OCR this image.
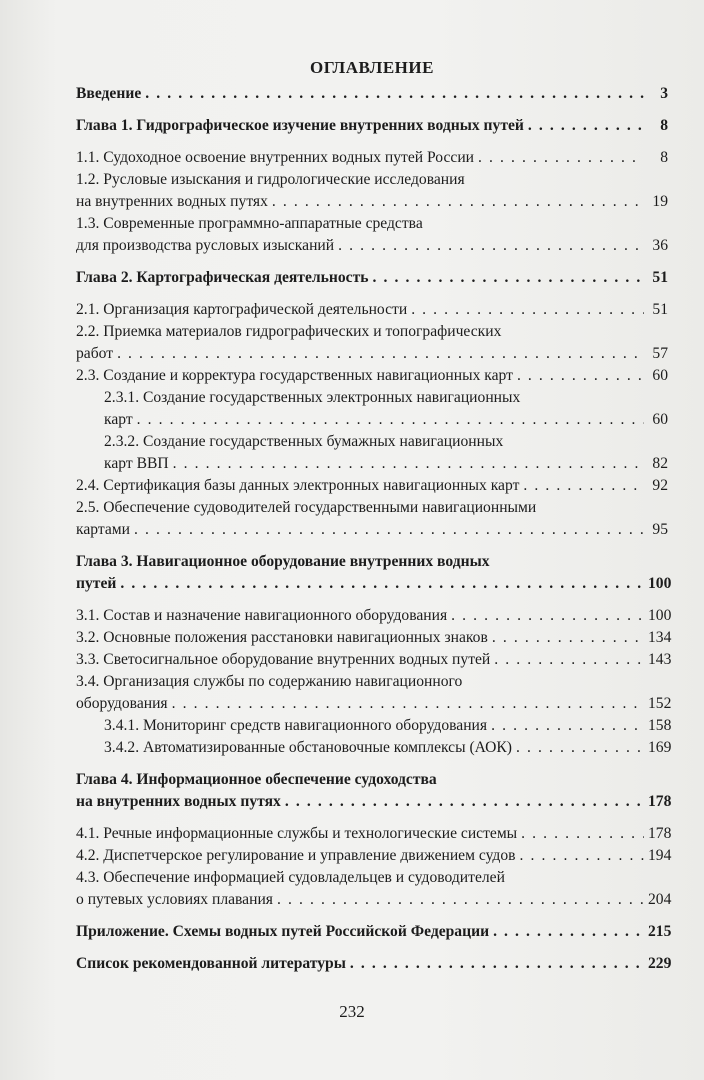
ОГЛАВЛЕНИЕ
Введение . . .	3
Глава 1. Гидрографическое изучение внутренних водных путей . . .	8
1.1. Судоходное освоение внутренних водных путей России . . .	8
1.2. Русловые изыскания и гидрологические исследования
на внутренних водных путях . . .	19
1.3. Современные программно-аппаратные средства
для производства русловых изысканий . . .	36
Глава 2. Картографическая деятельность . . .	51
2.1. Организация картографической деятельности . . .	51
2.2. Приемка материалов гидрографических и топографических
работ . . .	57
2.3. Создание и корректура государственных навигационных карт . . .	60
2.3.1. Создание государственных электронных навигационных
карт . . .	60
2.3.2. Создание государственных бумажных навигационных
карт ВВП . . .	82
2.4. Сертификация базы данных электронных навигационных карт . . .	92
2.5. Обеспечение судоводителей государственными навигационными
картами . . .	95
Глава 3. Навигационное оборудование внутренних водных
путей . . .	100
3.1. Состав и назначение навигационного оборудования . . .	100
3.2. Основные положения расстановки навигационных знаков . . .	134
3.3. Светосигнальное оборудование внутренних водных путей . . .	143
3.4. Организация службы по содержанию навигационного
оборудования . . .	152
3.4.1. Мониторинг средств навигационного оборудования . . .	158
3.4.2. Автоматизированные обстановочные комплексы (АОК) . . .	169
Глава 4. Информационное обеспечение судоходства
на внутренних водных путях . . .	178
4.1. Речные информационные службы и технологические системы . . .	178
4.2. Диспетчерское регулирование и управление движением судов . . .	194
4.3. Обеспечение информацией судовладельцев и судоводителей
о путевых условиях плавания . . .	204
Приложение. Схемы водных путей Российской Федерации . . .	215
Список рекомендованной литературы . . .	229
232
